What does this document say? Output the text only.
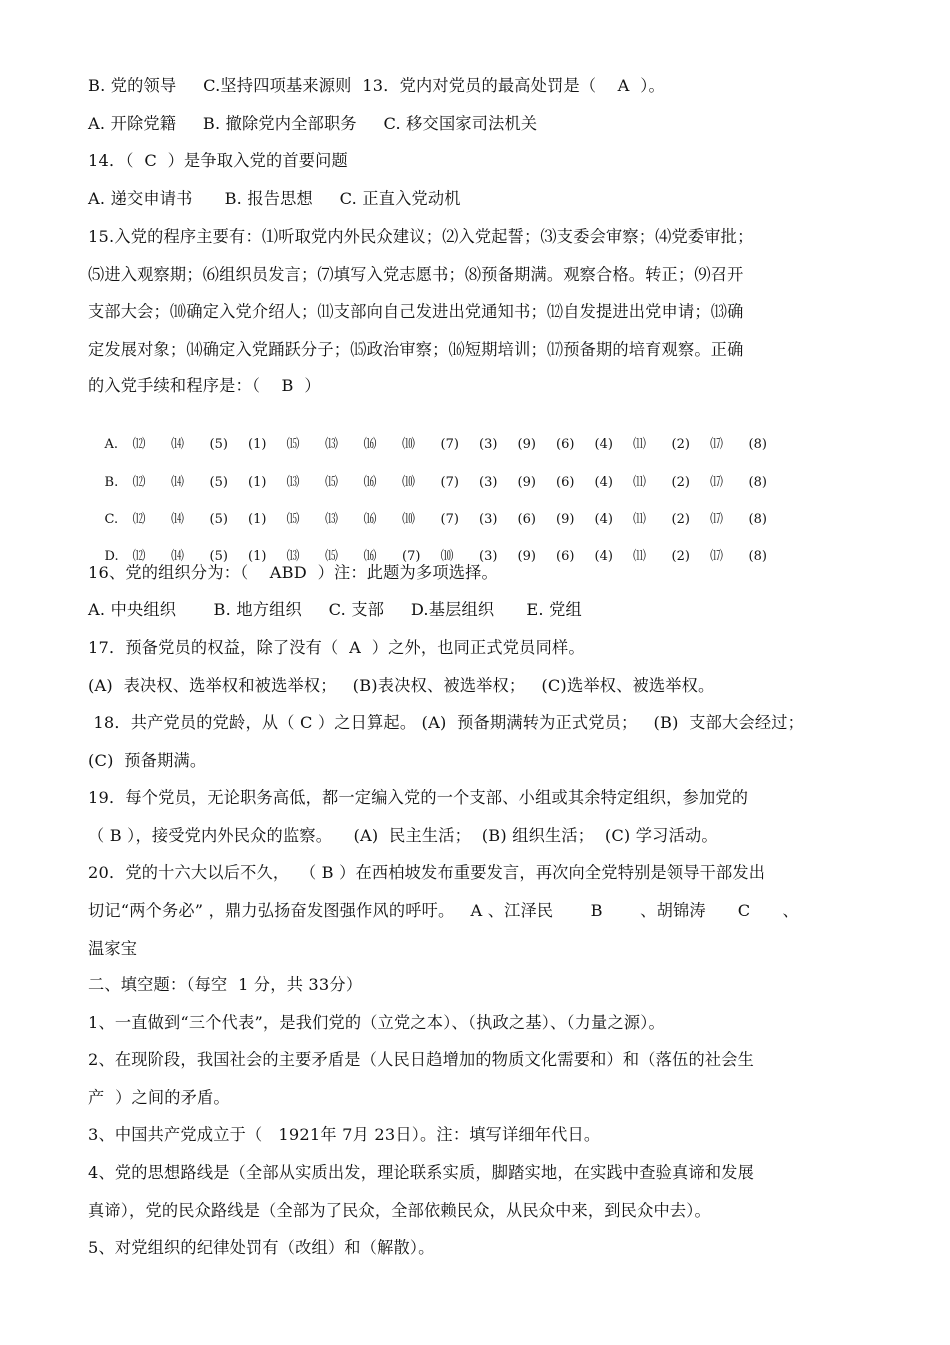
B. 党的领导     C.坚持四项基来源则  13．党内对党员的最高处罚是（    A  ）。
A. 开除党籍     B. 撤除党内全部职务     C. 移交国家司法机关
14．（  C  ）是争取入党的首要问题
A. 递交申请书      B. 报告思想     C. 正直入党动机
15.入党的程序主要有：⑴听取党内外民众建议；⑵入党起誓；⑶支委会审察；⑷党委审批；
⑸进入观察期；⑹组织员发言；⑺填写入党志愿书；⑻预备期满。观察合格。转正；⑼召开
支部大会；⑽确定入党介绍人；⑾支部向自己发进出党通知书；⑿自发提进出党申请；⒀确
定发展对象；⒁确定入党踊跃分子；⒂政治审察；⒃短期培训；⒄预备期的培育观察。正确
的入党手续和程序是：（    B  ）

A. ⑿ ⒁ (5) (1) ⒂ ⒀ ⒃ ⑽ (7) (3) (9) (6) (4) ⑾ (2) ⒄ (8)

B. ⑿ ⒁ (5) (1) ⒀ ⒂ ⒃ ⑽ (7) (3) (9) (6) (4) ⑾ (2) ⒄ (8)

C. ⑿ ⒁ (5) (1) ⒂ ⒀ ⒃ ⑽ (7) (3) (6) (9) (4) ⑾ (2) ⒄ (8)

D. ⑿ ⒁ (5) (1) ⒀ ⒂ ⒃ (7) ⑽ (3) (9) (6) (4) ⑾ (2) ⒄ (8)

16、党的组织分为：（    ABD  ）注：此题为多项选择。
A. 中央组织       B. 地方组织     C. 支部     D.基层组织      E. 党组
17．预备党员的权益，除了没有（  A  ）之外，也同正式党员同样。
(A)  表决权、选举权和被选举权；   (B)表决权、被选举权；   (C)选举权、被选举权。
18．共产党员的党龄，从（ C ）之日算起。 (A)  预备期满转为正式党员；   (B)  支部大会经过；
(C)  预备期满。
19．每个党员，无论职务高低，都一定编入党的一个支部、小组或其余特定组织，参加党的
（ B ），接受党内外民众的监察。    (A)  民主生活；  (B) 组织生活；  (C) 学习活动。
20．党的十六大以后不久，  （ B ）在西柏坡发布重要发言，再次向全党特别是领导干部发出
切记“两个务必” ，鼎力弘扬奋发图强作风的呼吁。   A 、江泽民       B       、胡锦涛      C      、
温家宝
二、填空题：（每空  1 分，共 33分）
1、一直做到“三个代表”，是我们党的（立党之本）、（执政之基）、（力量之源）。
2、在现阶段，我国社会的主要矛盾是（人民日趋增加的物质文化需要和）和（落伍的社会生
产  ）之间的矛盾。
3、中国共产党成立于（   1921年 7月 23日）。注：填写详细年代日。
4、党的思想路线是（全部从实质出发，理论联系实质，脚踏实地，在实践中查验真谛和发展
真谛），党的民众路线是（全部为了民众，全部依赖民众，从民众中来，到民众中去）。
5、对党组织的纪律处罚有（改组）和（解散）。
